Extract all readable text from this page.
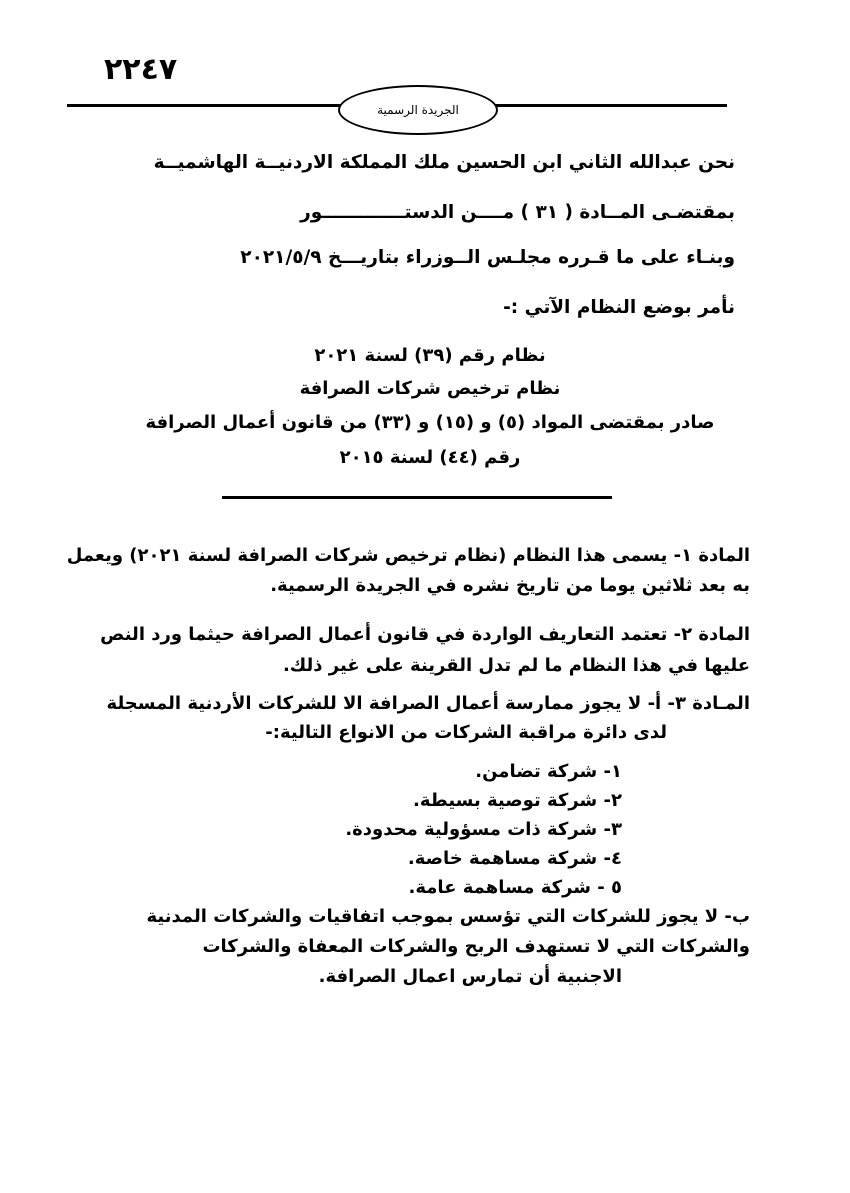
٢٢٤٧
الجريدة الرسمية
نحن عبدالله الثاني ابن الحسين ملك المملكة الاردنيــة الهاشميــة
بمقتضـى المــادة ( ٣١ ) مــــن الدستـــــــــــــور
وبنـاء على ما قـرره مجلـس الــوزراء بتاريـــخ ٢٠٢١/٥/٩
نأمر بوضع النظام الآتي :-
نظام رقم (٣٩) لسنة ٢٠٢١
نظام ترخيص شركات الصرافة
صادر بمقتضى المواد (٥) و (١٥) و (٣٣) من قانون أعمال الصرافة
رقم (٤٤) لسنة ٢٠١٥
المادة ١- يسمى هذا النظام (نظام ترخيص شركات الصرافة لسنة ٢٠٢١) ويعمل
به بعد ثلاثين يوما من تاريخ نشره في الجريدة الرسمية.
المادة ٢- تعتمد التعاريف الواردة في قانون أعمال الصرافة حيثما ورد النص
عليها في هذا النظام ما لم تدل القرينة على غير ذلك.
المـادة ٣- أ- لا يجوز ممارسة أعمال الصرافة الا للشركات الأردنية المسجلة
لدى دائرة مراقبة الشركات من الانواع التالية:-
١- شركة تضامن.
٢- شركة توصية بسيطة.
٣- شركة ذات مسؤولية محدودة.
٤- شركة مساهمة خاصة.
٥ - شركة مساهمة عامة.
ب- لا يجوز للشركات التي تؤسس بموجب اتفاقيات والشركات المدنية
والشركات التي لا تستهدف الربح والشركات المعفاة والشركات
الاجنبية أن تمارس اعمال الصرافة.
